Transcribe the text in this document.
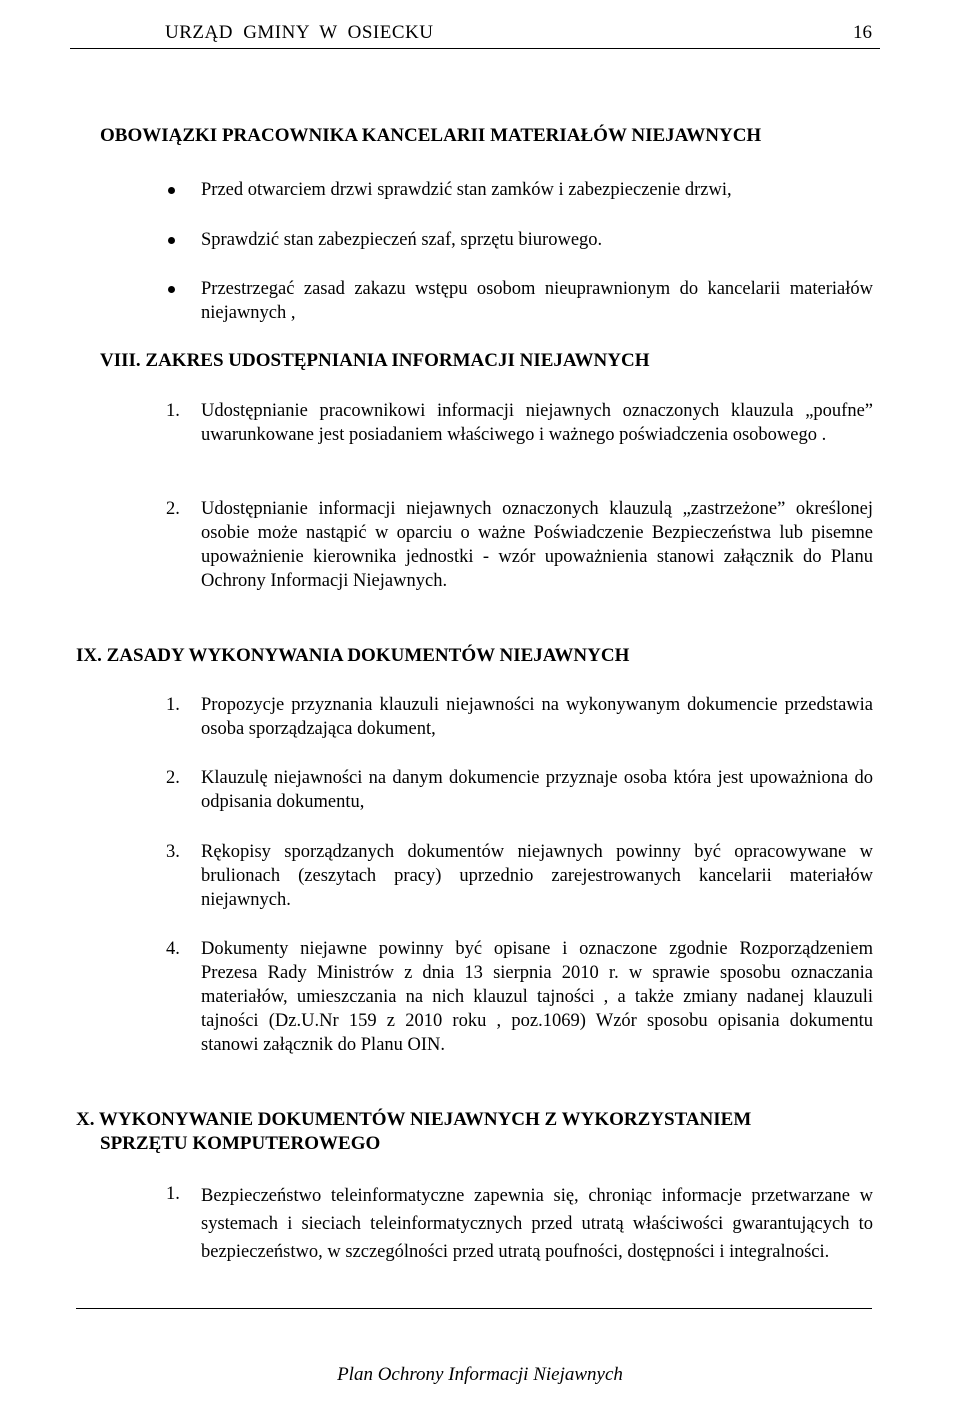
URZĄD GMINY W OSIECKU	16
OBOWIĄZKI PRACOWNIKA KANCELARII MATERIAŁÓW NIEJAWNYCH
Przed otwarciem drzwi sprawdzić stan zamków i zabezpieczenie drzwi,
Sprawdzić stan zabezpieczeń szaf, sprzętu biurowego.
Przestrzegać zasad zakazu wstępu osobom nieuprawnionym do kancelarii materiałów niejawnych ,
VIII. ZAKRES UDOSTĘPNIANIA INFORMACJI NIEJAWNYCH
1. Udostępnianie pracownikowi informacji niejawnych oznaczonych klauzula „poufne” uwarunkowane jest posiadaniem właściwego i ważnego poświadczenia osobowego .
2. Udostępnianie informacji niejawnych oznaczonych klauzulą „zastrzeżone” określonej osobie może nastąpić w oparciu o ważne Poświadczenie Bezpieczeństwa lub pisemne upoważnienie kierownika jednostki - wzór upoważnienia stanowi załącznik do Planu Ochrony Informacji Niejawnych.
IX. ZASADY WYKONYWANIA DOKUMENTÓW NIEJAWNYCH
1. Propozycje przyznania klauzuli niejawności na wykonywanym dokumencie przedstawia osoba sporządzająca dokument,
2. Klauzulę niejawności na danym dokumencie przyznaje osoba która jest upoważniona do odpisania dokumentu,
3. Rękopisy sporządzanych dokumentów niejawnych powinny być opracowywane w brulionach (zeszytach pracy) uprzednio zarejestrowanych kancelarii materiałów niejawnych.
4. Dokumenty niejawne powinny być opisane i oznaczone zgodnie Rozporządzeniem Prezesa Rady Ministrów z dnia 13 sierpnia 2010 r. w sprawie sposobu oznaczania materiałów, umieszczania na nich klauzul tajności , a także zmiany nadanej klauzuli tajności (Dz.U.Nr 159 z 2010 roku , poz.1069) Wzór sposobu opisania dokumentu stanowi załącznik do Planu OIN.
X. WYKONYWANIE DOKUMENTÓW NIEJAWNYCH Z WYKORZYSTANIEM
SPRZĘTU KOMPUTEROWEGO
1. Bezpieczeństwo teleinformatyczne zapewnia się, chroniąc informacje przetwarzane w systemach i sieciach teleinformatycznych przed utratą właściwości gwarantujących to bezpieczeństwo, w szczególności przed utratą poufności, dostępności i integralności.
Plan Ochrony Informacji Niejawnych
